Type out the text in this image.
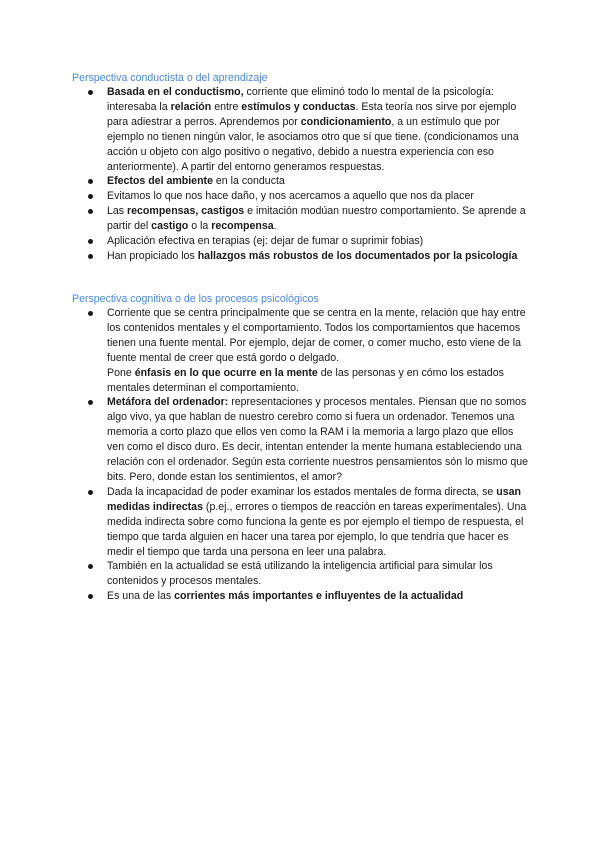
Perspectiva conductista o del aprendizaje
Basada en el conductismo, corriente que eliminó todo lo mental de la psicología: interesaba la relación entre estímulos y conductas. Esta teoría nos sirve por ejemplo para adiestrar a perros. Aprendemos por condicionamiento, a un estímulo que por ejemplo no tienen ningún valor, le asociamos otro que sí que tiene. (condicionamos una acción u objeto con algo positivo o negativo, debido a nuestra experiencia con eso anteriormente). A partir del entorno generamos respuestas.
Efectos del ambiente en la conducta
Evitamos lo que nos hace daño, y nos acercamos a aquello que nos da placer
Las recompensas, castigos e imitación modúan nuestro comportamiento. Se aprende a partir del castigo o la recompensa.
Aplicación efectiva en terapias (ej: dejar de fumar o suprimir fobias)
Han propiciado los hallazgos más robustos de los documentados por la psicología
Perspectiva cognitiva o de los procesos psicológicos
Corriente que se centra principalmente que se centra en la mente, relación que hay entre los contenidos mentales y el comportamiento. Todos los comportamientos que hacemos tienen una fuente mental. Por ejemplo, dejar de comer, o comer mucho, esto viene de la fuente mental de creer que está gordo o delgado.
Pone énfasis en lo que ocurre en la mente de las personas y en cómo los estados mentales determinan el comportamiento.
Metáfora del ordenador: representaciones y procesos mentales. Piensan que no somos algo vivo, ya que hablan de nuestro cerebro como si fuera un ordenador. Tenemos una memoria a corto plazo que ellos ven como la RAM i la memoria a largo plazo que ellos ven como el disco duro. Es decir, intentan entender la mente humana estableciendo una relación con el ordenador. Según esta corriente nuestros pensamientos són lo mismo que bits. Pero, donde estan los sentimientos, el amor?
Dada la incapacidad de poder examinar los estados mentales de forma directa, se usan medidas indirectas (p.ej., errores o tiempos de reacción en tareas experimentales). Una medida indirecta sobre como funciona la gente es por ejemplo el tiempo de respuesta, el tiempo que tarda alguien en hacer una tarea por ejemplo, lo que tendría que hacer es medir el tiempo que tarda una persona en leer una palabra.
También en la actualidad se está utilizando la inteligencia artificial para simular los contenidos y procesos mentales.
Es una de las corrientes más importantes e influyentes de la actualidad
